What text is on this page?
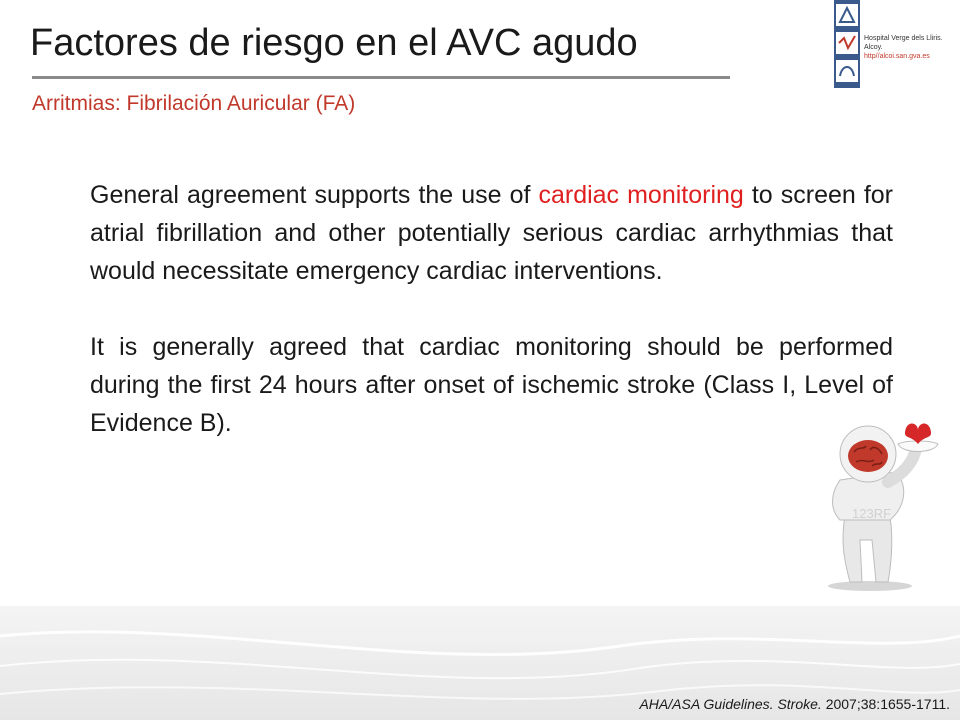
Factores de riesgo en el AVC agudo
Arritmias: Fibrilación Auricular (FA)
Hospital Verge dels Lliris.
Alcoy.
http//alcoi.san.gva.es

General agreement supports the use of cardiac monitoring to screen for atrial fibrillation and other potentially serious cardiac arrhythmias that would necessitate emergency cardiac interventions.

It is generally agreed that cardiac monitoring should be performed during the first 24 hours after onset of ischemic stroke (Class I, Level of Evidence B).

123RF
AHA/ASA Guidelines. Stroke. 2007;38:1655-1711.
